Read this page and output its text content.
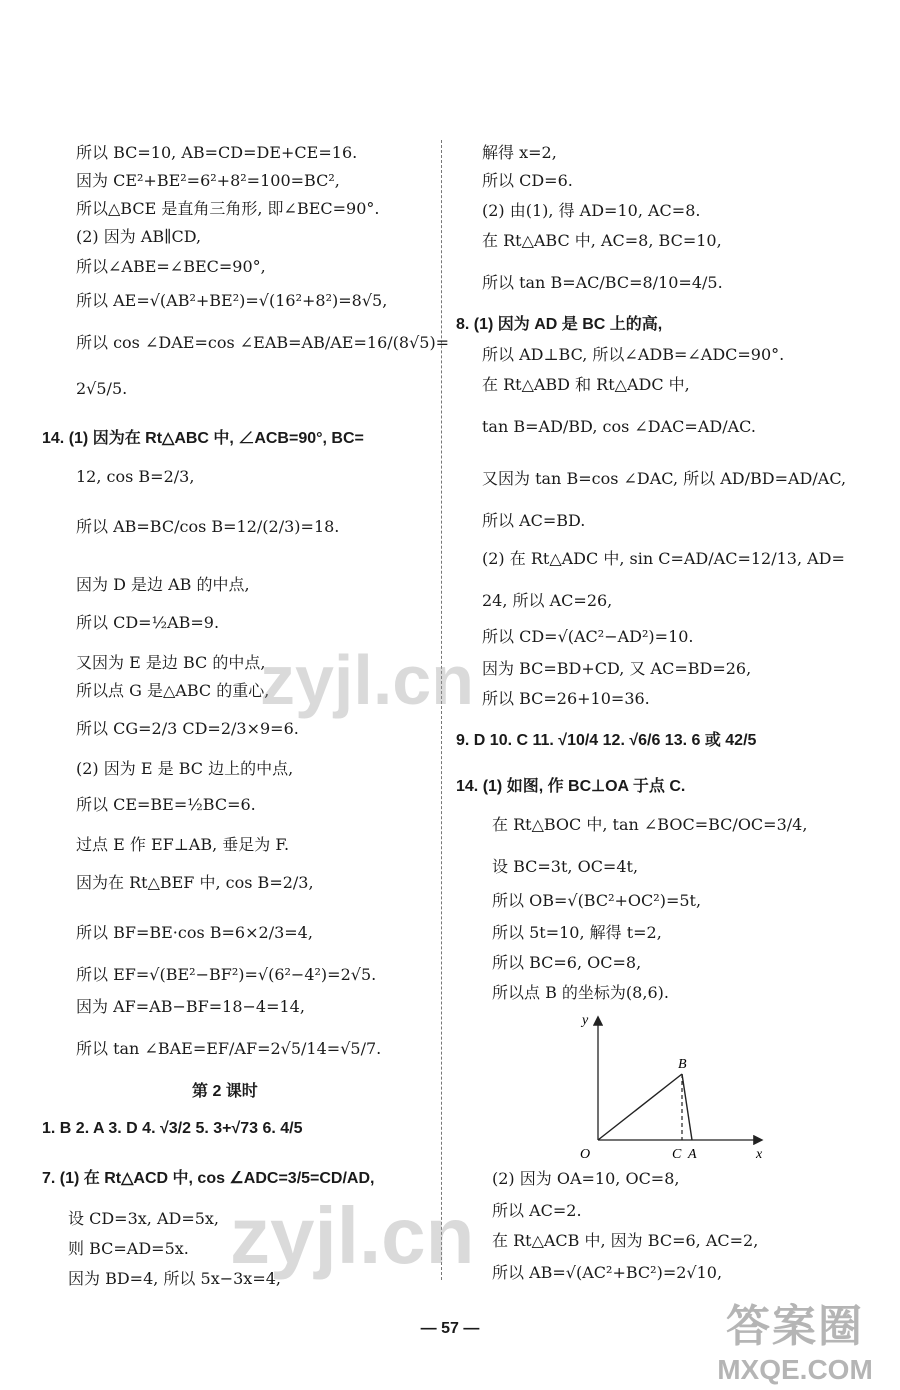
所以 BC=10, AB=CD=DE+CE=16.
因为 CE²+BE²=6²+8²=100=BC²,
所以△BCE 是直角三角形, 即∠BEC=90°.
(2) 因为 AB∥CD,
所以∠ABE=∠BEC=90°,
所以 AE=√(AB²+BE²)=√(16²+8²)=8√5,
所以 cos ∠DAE=cos ∠EAB=AB/AE=16/(8√5)=
2√5/5.
14. (1) 因为在 Rt△ABC 中, ∠ACB=90°, BC=
12, cos B=2/3,
所以 AB=BC/cos B=12/(2/3)=18.
因为 D 是边 AB 的中点,
所以 CD=½AB=9.
又因为 E 是边 BC 的中点,
所以点 G 是△ABC 的重心,
所以 CG=2/3 CD=2/3×9=6.
(2) 因为 E 是 BC 边上的中点,
所以 CE=BE=½BC=6.
过点 E 作 EF⊥AB, 垂足为 F.
因为在 Rt△BEF 中, cos B=2/3,
所以 BF=BE·cos B=6×2/3=4,
所以 EF=√(BE²−BF²)=√(6²−4²)=2√5.
因为 AF=AB−BF=18−4=14,
所以 tan ∠BAE=EF/AF=2√5/14=√5/7.
第 2 课时
1. B 2. A 3. D 4. √3/2 5. 3+√73 6. 4/5
7. (1) 在 Rt△ACD 中, cos ∠ADC=3/5=CD/AD,
设 CD=3x, AD=5x,
则 BC=AD=5x.
因为 BD=4, 所以 5x−3x=4,
解得 x=2,
所以 CD=6.
(2) 由(1), 得 AD=10, AC=8.
在 Rt△ABC 中, AC=8, BC=10,
所以 tan B=AC/BC=8/10=4/5.
8. (1) 因为 AD 是 BC 上的高,
所以 AD⊥BC, 所以∠ADB=∠ADC=90°.
在 Rt△ABD 和 Rt△ADC 中,
tan B=AD/BD, cos ∠DAC=AD/AC.
又因为 tan B=cos ∠DAC, 所以 AD/BD=AD/AC,
所以 AC=BD.
(2) 在 Rt△ADC 中, sin C=AD/AC=12/13, AD=
24, 所以 AC=26,
所以 CD=√(AC²−AD²)=10.
因为 BC=BD+CD, 又 AC=BD=26,
所以 BC=26+10=36.
9. D 10. C 11. √10/4 12. √6/6 13. 6 或 42/5
14. (1) 如图, 作 BC⊥OA 于点 C.
在 Rt△BOC 中, tan ∠BOC=BC/OC=3/4,
设 BC=3t, OC=4t,
所以 OB=√(BC²+OC²)=5t,
所以 5t=10, 解得 t=2,
所以 BC=6, OC=8,
所以点 B 的坐标为(8,6).
y
x
O
B
C A
(2) 因为 OA=10, OC=8,
所以 AC=2.
在 Rt△ACB 中, 因为 BC=6, AC=2,
所以 AB=√(AC²+BC²)=2√10,
zyjl.cn
zyjl.cn
— 57 —	答案圈
MXQE.COM
